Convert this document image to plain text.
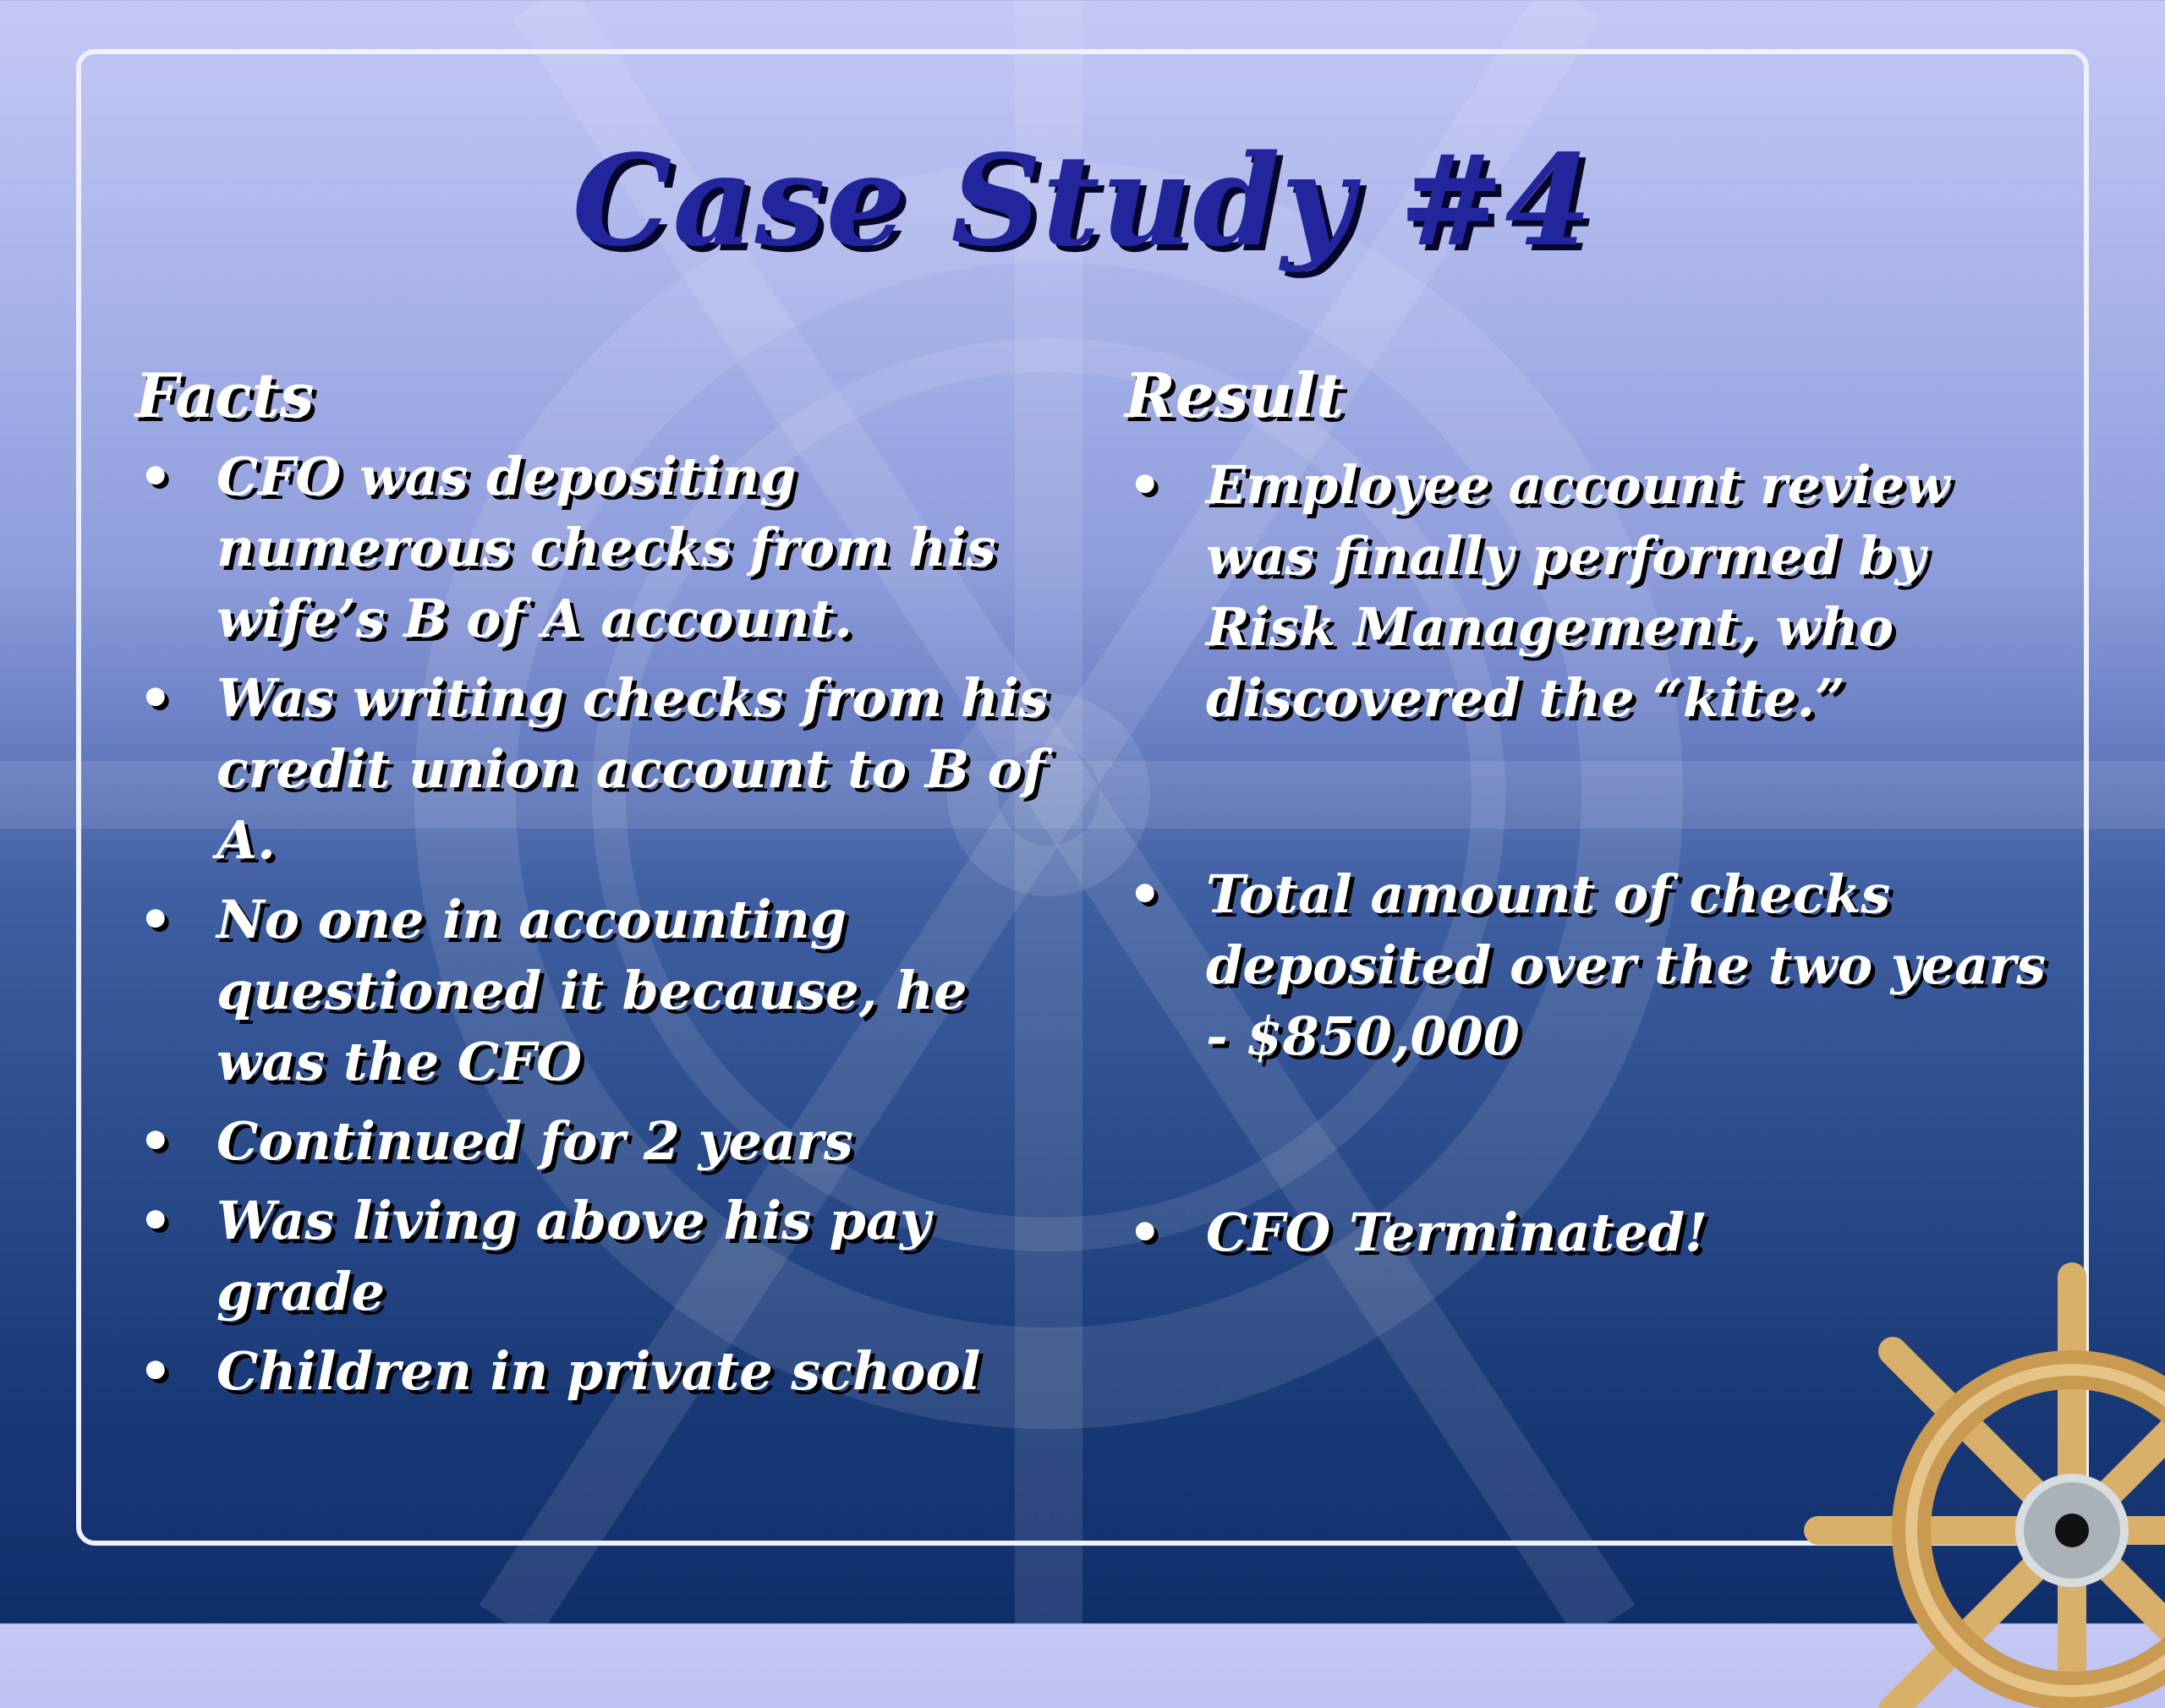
Case Study #4
Facts
• CFO was depositing numerous checks from his wife’s B of A account.
• Was writing checks from his credit union account to B of A.
• No one in accounting questioned it because, he was the CFO
• Continued for 2 years
• Was living above his pay grade
• Children in private school
Result
• Employee account review was finally performed by Risk Management, who discovered the “kite.”
• Total amount of checks deposited over the two years - $850,000
• CFO Terminated!
